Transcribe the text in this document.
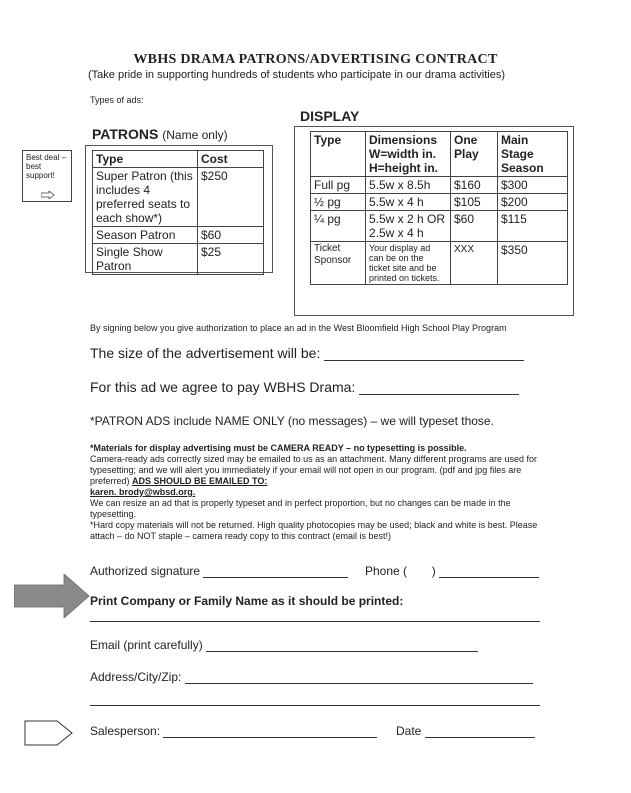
WBHS DRAMA PATRONS/ADVERTISING CONTRACT
(Take pride in supporting hundreds of students who participate in our drama activities)
Types of ads:
PATRONS (Name only)
Best deal – best support!
Type	Cost
Super Patron (this includes 4 preferred seats to each show*)	$250
Season Patron	$60
Single Show Patron	$25
DISPLAY
Type	Dimensions W=width in. H=height in.	One Play	Main Stage Season
Full pg	5.5w x 8.5h	$160	$300
½ pg	5.5w x 4 h	$105	$200
¼ pg	5.5w x 2 h OR 2.5w x 4 h	$60	$115
Ticket Sponsor	Your display ad can be on the ticket site and be printed on tickets.	XXX	$350
By signing below you give authorization to place an ad in the West Bloomfield High School Play Program
The size of the advertisement will be:
For this ad we agree to pay WBHS Drama:
*PATRON ADS include NAME ONLY (no messages) – we will typeset those.
*Materials for display advertising must be CAMERA READY – no typesetting is possible.
Camera-ready ads correctly sized may be emailed to us as an attachment. Many different programs are used for typesetting; and we will alert you immediately if your email will not open in our program. (pdf and jpg files are preferred) ADS SHOULD BE EMAILED TO:
karen. brody@wbsd.org.
We can resize an ad that is properly typeset and in perfect proportion, but no changes can be made in the typesetting.
*Hard copy materials will not be returned. High quality photocopies may be used; black and white is best. Please attach – do NOT staple – camera ready copy to this contract (email is best!)
Authorized signature	Phone ( )
Print Company or Family Name as it should be printed:
Email (print carefully)
Address/City/Zip:
Salesperson:	Date
